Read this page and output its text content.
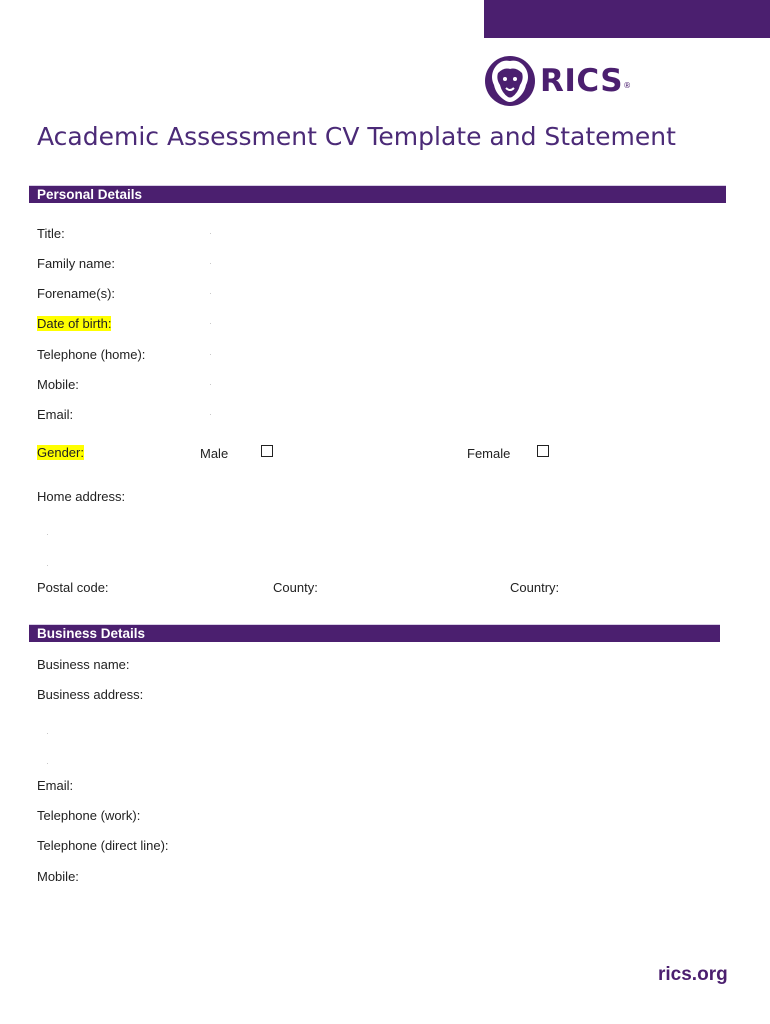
RICS ®
Academic Assessment CV Template and Statement
Personal Details
Title:
Family name:
Forename(s):
Date of birth:
Telephone (home):
Mobile:
Email:
Gender:	Male	Female
Home address:
Postal code:	County:	Country:
Business Details
Business name:
Business address:
Email:
Telephone (work):
Telephone (direct line):
Mobile:
rics.org
